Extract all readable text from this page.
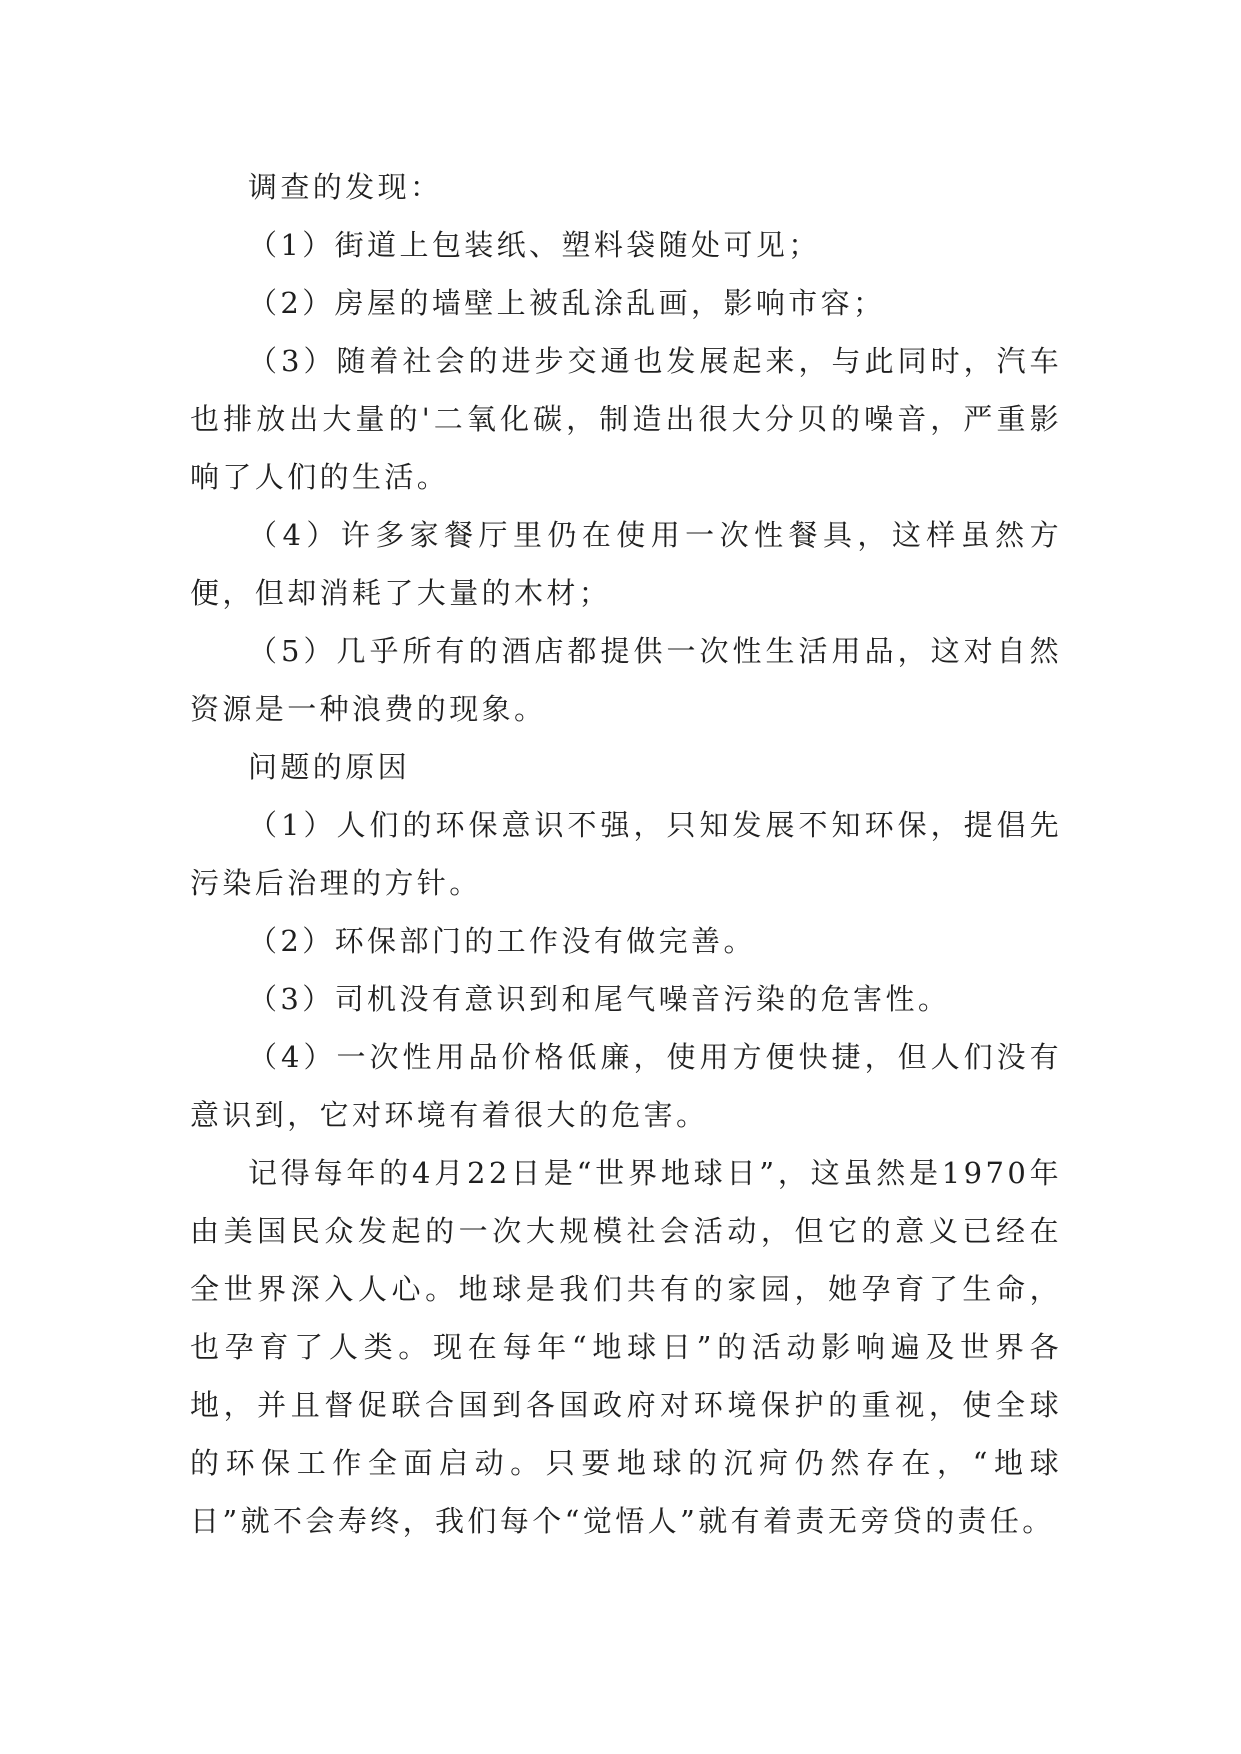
调查的发现：

（1）街道上包装纸、塑料袋随处可见；

（2）房屋的墙壁上被乱涂乱画，影响市容；

（3）随着社会的进步交通也发展起来，与此同时，汽车也排放出大量的'二氧化碳，制造出很大分贝的噪音，严重影响了人们的生活。

（4）许多家餐厅里仍在使用一次性餐具，这样虽然方便，但却消耗了大量的木材；

（5）几乎所有的酒店都提供一次性生活用品，这对自然资源是一种浪费的现象。

问题的原因

（1）人们的环保意识不强，只知发展不知环保，提倡先污染后治理的方针。

（2）环保部门的工作没有做完善。

（3）司机没有意识到和尾气噪音污染的危害性。

（4）一次性用品价格低廉，使用方便快捷，但人们没有意识到，它对环境有着很大的危害。

记得每年的4月22日是“世界地球日”，这虽然是1970年由美国民众发起的一次大规模社会活动，但它的意义已经在全世界深入人心。地球是我们共有的家园，她孕育了生命，也孕育了人类。现在每年“地球日”的活动影响遍及世界各地，并且督促联合国到各国政府对环境保护的重视，使全球的环保工作全面启动。只要地球的沉疴仍然存在，“地球日”就不会寿终，我们每个“觉悟人”就有着责无旁贷的责任。
